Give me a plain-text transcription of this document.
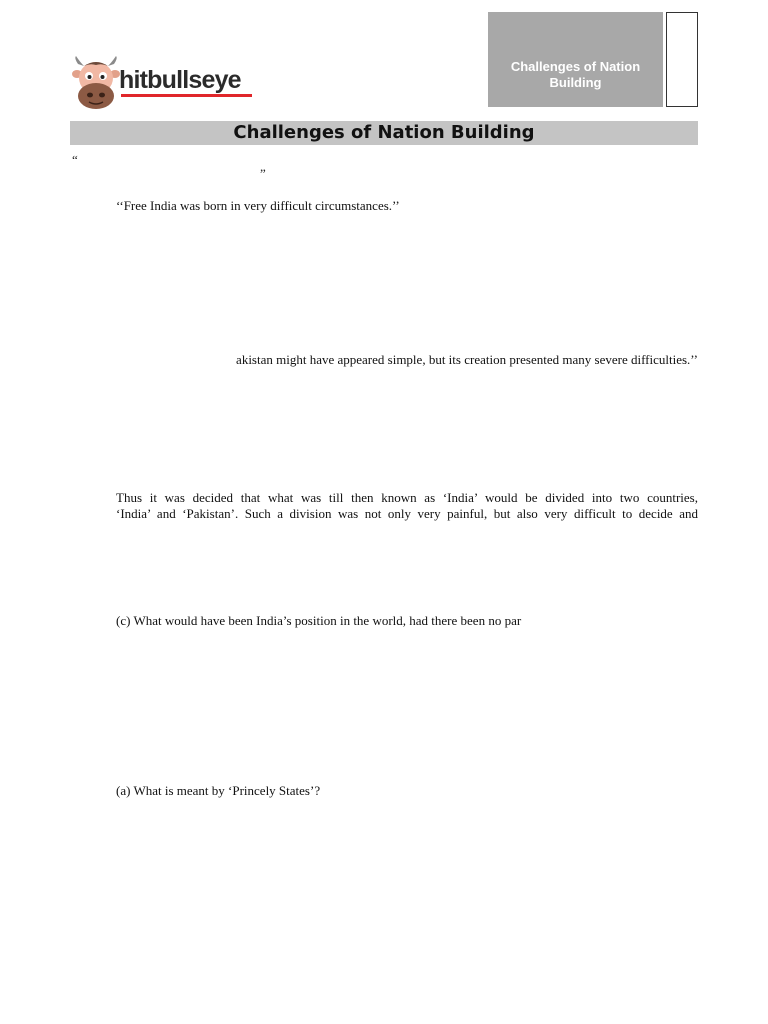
hitbullseye	Challenges of Nation Building
Challenges of Nation Building
“
”
‘‘Free India was born in very difficult circumstances.’’
akistan might have appeared simple, but its creation presented many severe difficulties.’’
Thus it was decided that what was till then known as ‘India’ would be divided into two countries,
‘India’ and ‘Pakistan’. Such a division was not only very painful, but also very difficult to decide and
(c) What would have been India’s position in the world, had there been no par
(a) What is meant by ‘Princely States’?
